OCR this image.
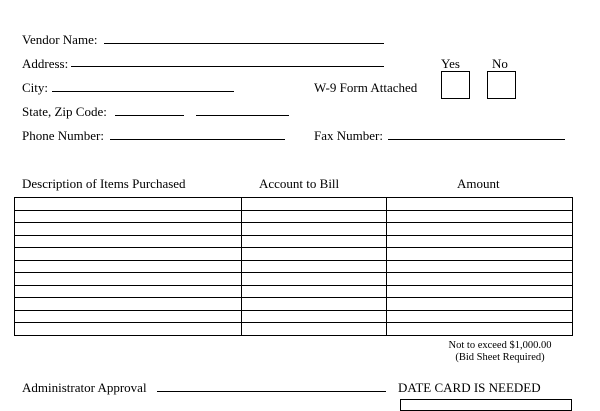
Vendor Name:
Address:	Yes No
City:	W-9 Form Attached
State, Zip Code:
Phone Number:	Fax Number:
Description of Items Purchased	Account to Bill	Amount

Not to exceed $1,000.00
(Bid Sheet Required)
Administrator Approval	DATE CARD IS NEEDED
